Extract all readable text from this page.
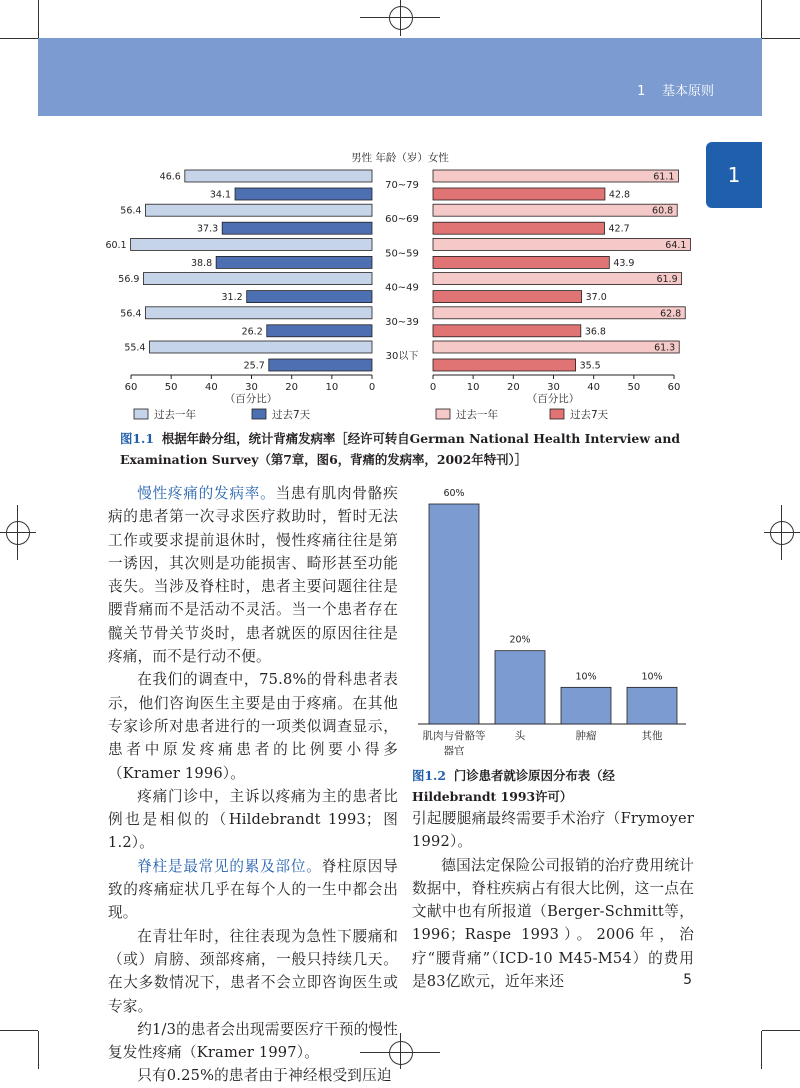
1 基本原则
1
男性 年龄（岁）女性
46.6
34.1
61.1
42.8
70~79
56.4
37.3
60.8
42.7
60~69
60.1
38.8
64.1
43.9
50~59
56.9
31.2
61.9
37.0
40~49
56.4
26.2
62.8
36.8
30~39
55.4
25.7
61.3
35.5
30以下
60	50	40	30	20	10	0	0	10	20	30	40	50	60
（百分比）	（百分比）
过去一年	过去7天	过去一年	过去7天
图1.1 根据年龄分组，统计背痛发病率［经许可转自German National Health Interview and Examination Survey（第7章，图6，背痛的发病率，2002年特刊）］
60%
肌肉与骨骼等
器官
20%
头
10%
肿瘤
10%
其他
图1.2 门诊患者就诊原因分布表（经Hildebrandt 1993许可）

慢性疼痛的发病率。当患有肌肉骨骼疾病的患者第一次寻求医疗救助时，暂时无法工作或要求提前退休时，慢性疼痛往往是第一诱因，其次则是功能损害、畸形甚至功能丧失。当涉及脊柱时，患者主要问题往往是腰背痛而不是活动不灵活。当一个患者存在髋关节骨关节炎时，患者就医的原因往往是疼痛，而不是行动不便。

在我们的调查中，75.8%的骨科患者表示，他们咨询医生主要是由于疼痛。在其他专家诊所对患者进行的一项类似调查显示，患者中原发疼痛患者的比例要小得多（Kramer 1996）。

疼痛门诊中，主诉以疼痛为主的患者比例也是相似的（Hildebrandt 1993；图1.2）。

脊柱是最常见的累及部位。脊柱原因导致的疼痛症状几乎在每个人的一生中都会出现。

在青壮年时，往往表现为急性下腰痛和（或）肩膀、颈部疼痛，一般只持续几天。在大多数情况下，患者不会立即咨询医生或专家。

约1/3的患者会出现需要医疗干预的慢性复发性疼痛（Kramer 1997）。

只有0.25%的患者由于神经根受到压迫

引起腰腿痛最终需要手术治疗（Frymoyer 1992）。

德国法定保险公司报销的治疗费用统计数据中，脊柱疾病占有很大比例，这一点在文献中也有所报道（Berger-Schmitt等，1996；Raspe 1993）。2006年，治疗“腰背痛”（ICD-10 M45-M54）的费用是83亿欧元，近年来还	5
